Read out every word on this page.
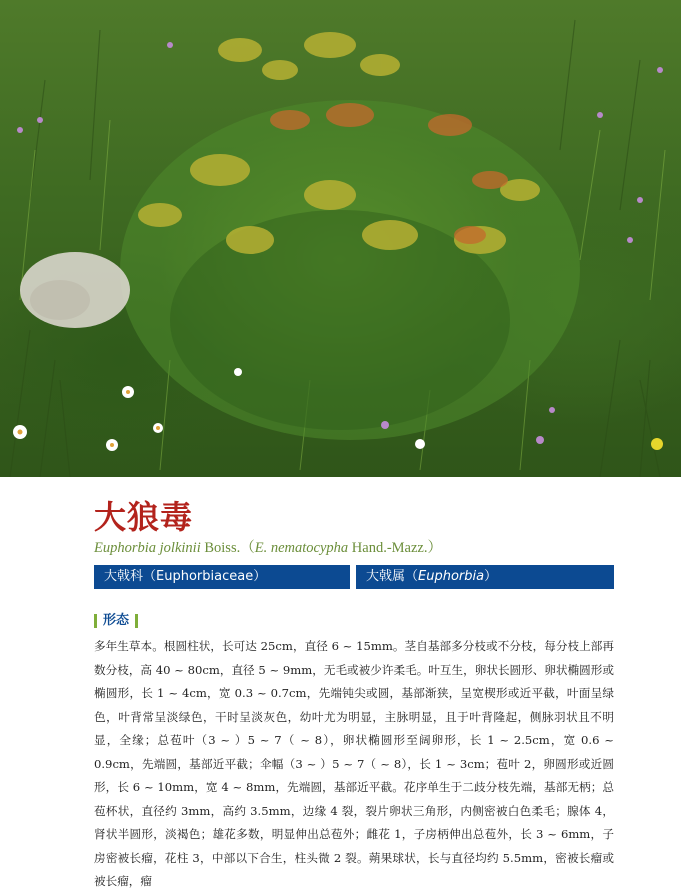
大狼毒

Euphorbia jolkinii Boiss.（E. nematocypha Hand.-Mazz.）

大戟科（Euphorbiaceae）	大戟属（Euphorbia）
形态

多年生草本。根圆柱状，长可达 25cm，直径 6 ~ 15mm。茎自基部多分枝或不分枝，每分枝上部再数分枝，高 40 ~ 80cm，直径 5 ~ 9mm，无毛或被少许柔毛。叶互生，卵状长圆形、卵状椭圆形或椭圆形，长 1 ~ 4cm，宽 0.3 ~ 0.7cm，先端钝尖或圆，基部渐狭，呈宽楔形或近平截，叶面呈绿色，叶背常呈淡绿色，干时呈淡灰色，幼叶尤为明显，主脉明显，且于叶背隆起，侧脉羽状且不明显，全缘；总苞叶（3 ~ ）5 ~ 7（ ~ 8），卵状椭圆形至阔卵形，长 1 ~ 2.5cm，宽 0.6 ~ 0.9cm，先端圆，基部近平截；伞幅（3 ~ ）5 ~ 7（ ~ 8），长 1 ~ 3cm；苞叶 2，卵圆形或近圆形，长 6 ~ 10mm，宽 4 ~ 8mm，先端圆，基部近平截。花序单生于二歧分枝先端，基部无柄；总苞杯状，直径约 3mm，高约 3.5mm，边缘 4 裂，裂片卵状三角形，内侧密被白色柔毛；腺体 4，肾状半圆形，淡褐色；雄花多数，明显伸出总苞外；雌花 1，子房柄伸出总苞外，长 3 ~ 6mm，子房密被长瘤，花柱 3，中部以下合生，柱头微 2 裂。蒴果球状，长与直径均约 5.5mm，密被长瘤或被长瘤，瘤
